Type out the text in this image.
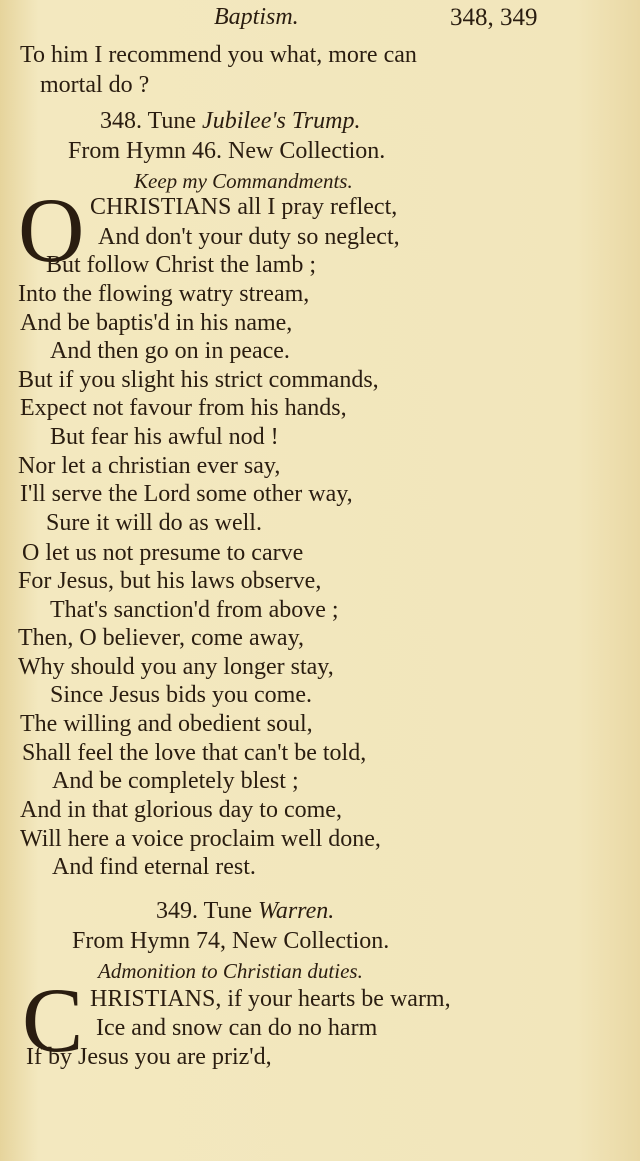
Baptism.	348, 349
To him I recommend you what, more can
mortal do ?
348. Tune Jubilee's Trump.
From Hymn 46. New Collection.
Keep my Commandments.
O CHRISTIANS all I pray reflect,
And don't your duty so neglect,
But follow Christ the lamb ;
Into the flowing watry stream,
And be baptis'd in his name,
And then go on in peace.
But if you slight his strict commands,
Expect not favour from his hands,
But fear his awful nod !
Nor let a christian ever say,
I'll serve the Lord some other way,
Sure it will do as well.
O let us not presume to carve
For Jesus, but his laws observe,
That's sanction'd from above ;
Then, O believer, come away,
Why should you any longer stay,
Since Jesus bids you come.
The willing and obedient soul,
Shall feel the love that can't be told,
And be completely blest ;
And in that glorious day to come,
Will here a voice proclaim well done,
And find eternal rest.
349. Tune Warren.
From Hymn 74, New Collection.
Admonition to Christian duties.
C HRISTIANS, if your hearts be warm,
Ice and snow can do no harm
If by Jesus you are priz'd,
